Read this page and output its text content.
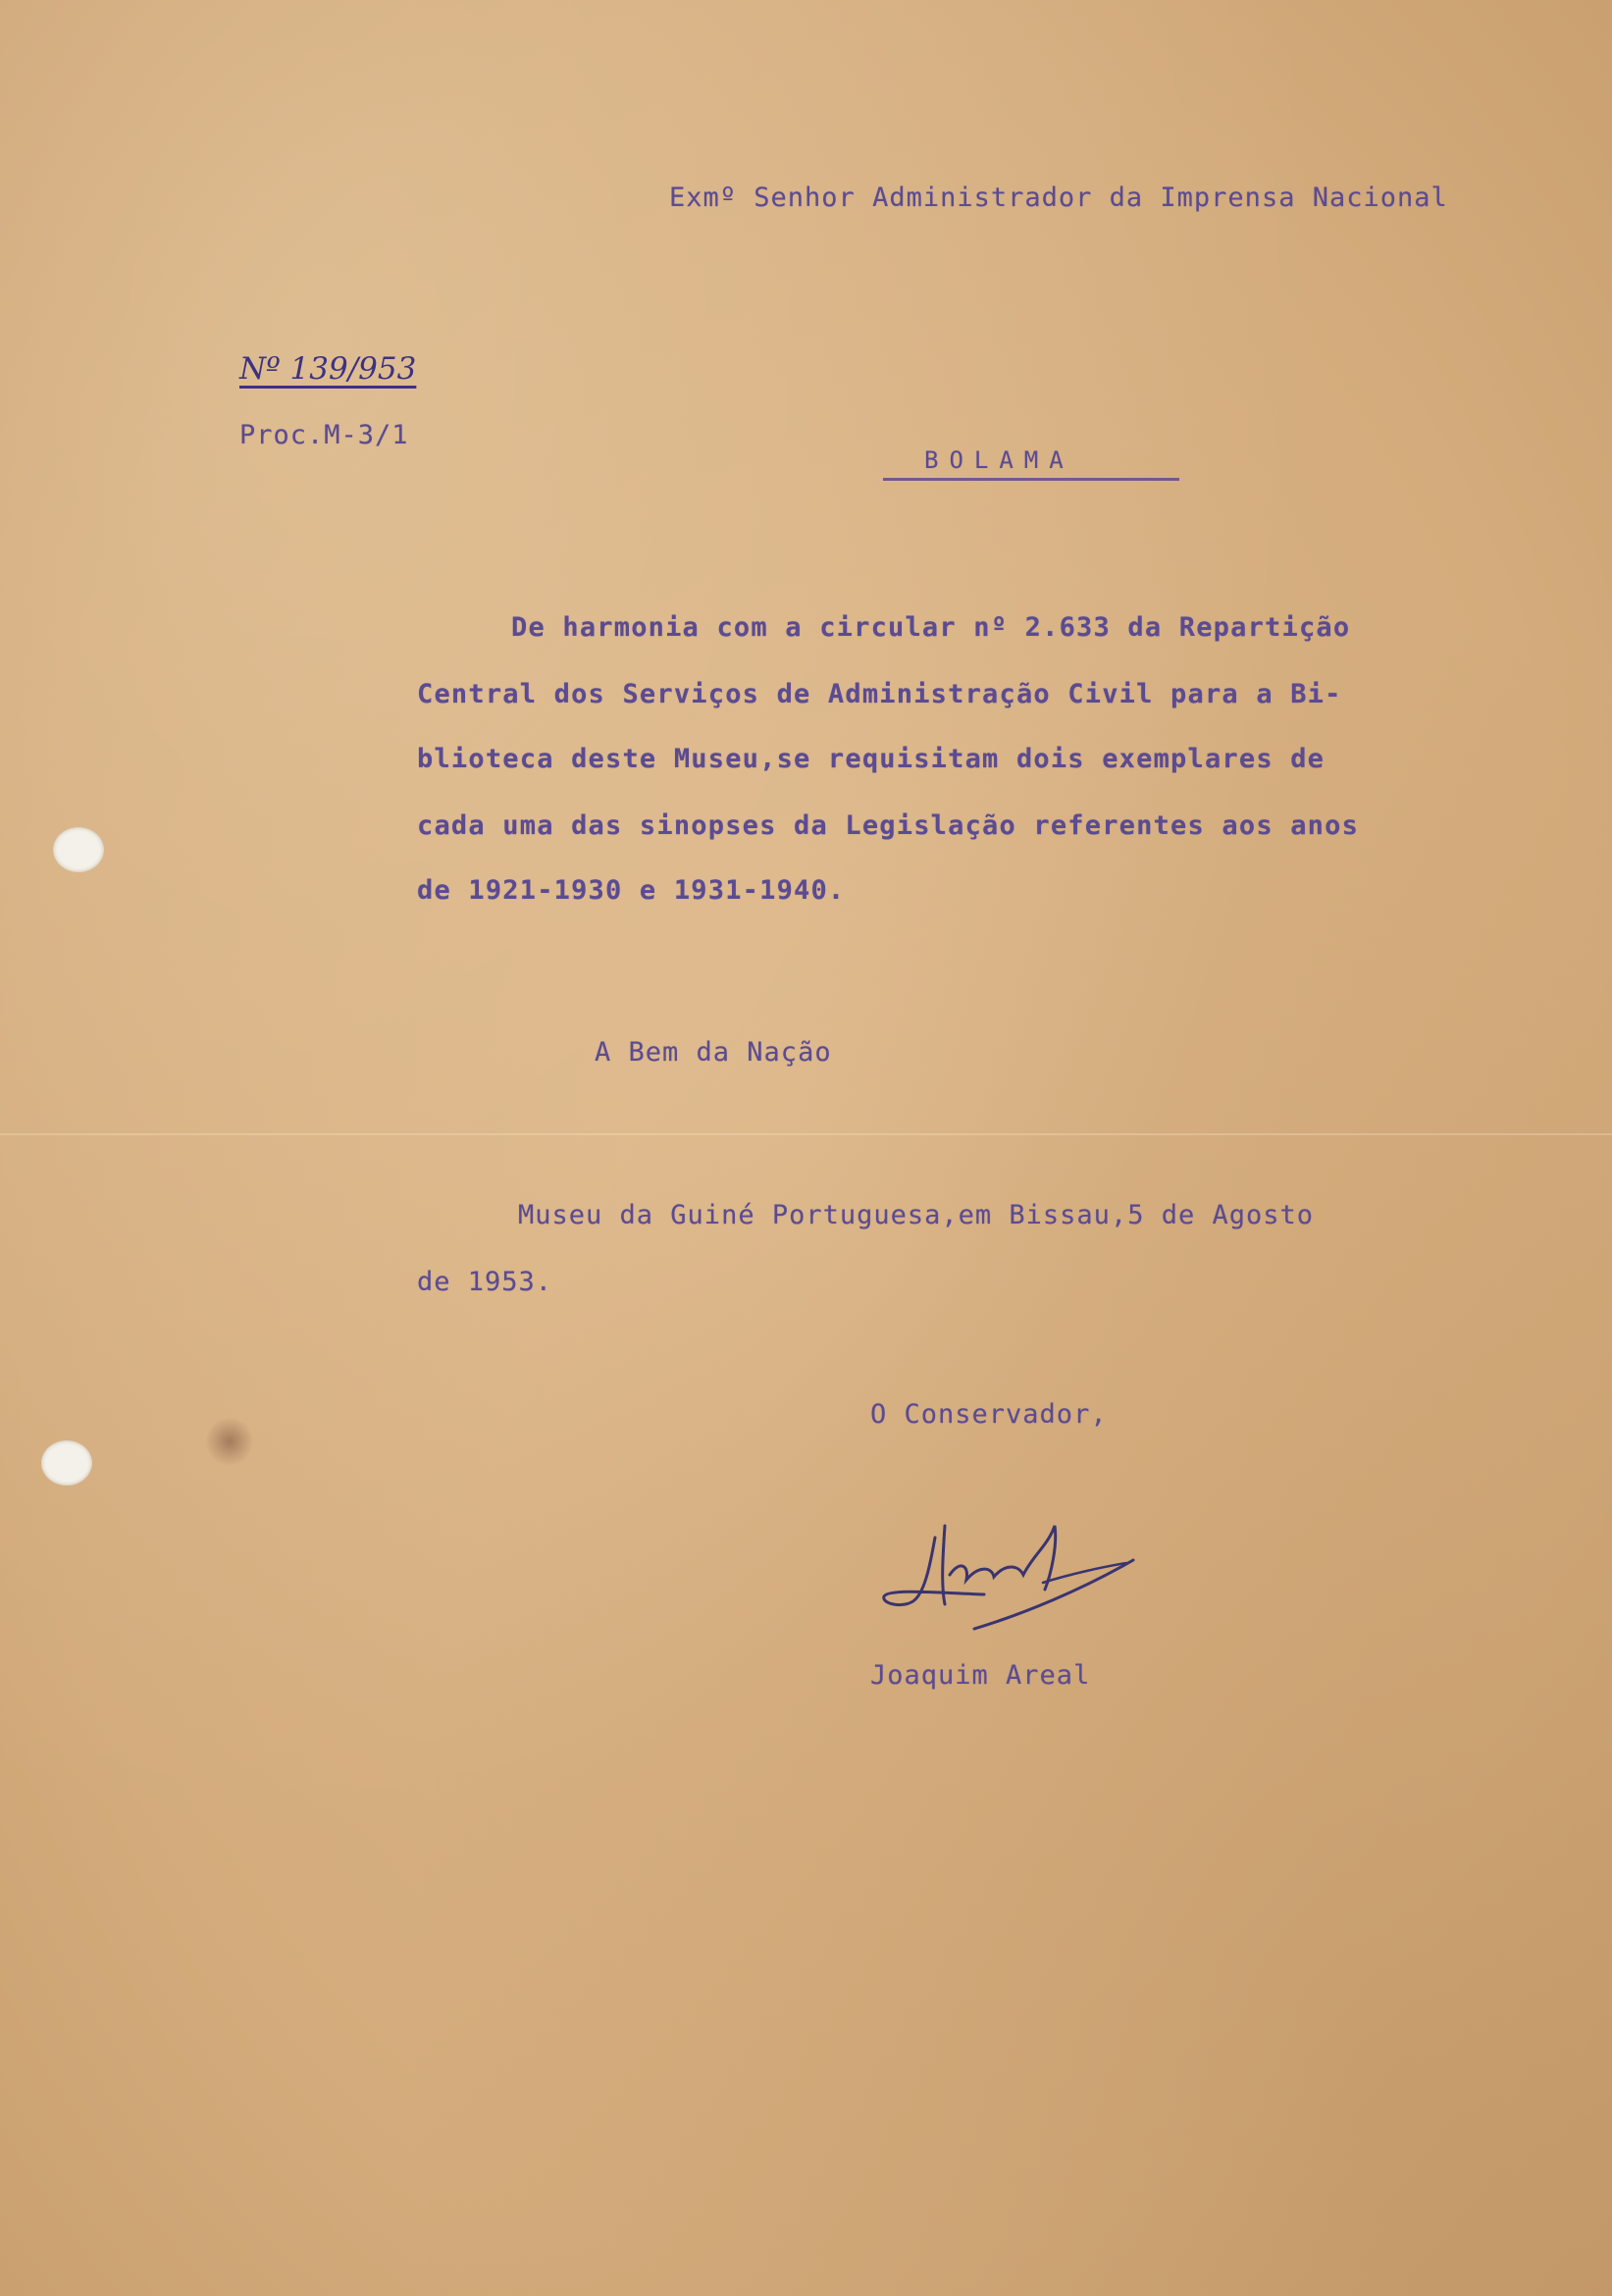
Exmº Senhor Administrador da Imprensa Nacional
Nº 139/953
Proc.M-3/1
BOLAMA
De harmonia com a circular nº 2.633 da Repartição
Central dos Serviços de Administração Civil para a Bi-
blioteca deste Museu,se requisitam dois exemplares de
cada uma das sinopses da Legislação referentes aos anos
de 1921-1930 e 1931-1940.
A Bem da Nação
Museu da Guiné Portuguesa,em Bissau,5 de Agosto
de 1953.
O Conservador,
Joaquim Areal
